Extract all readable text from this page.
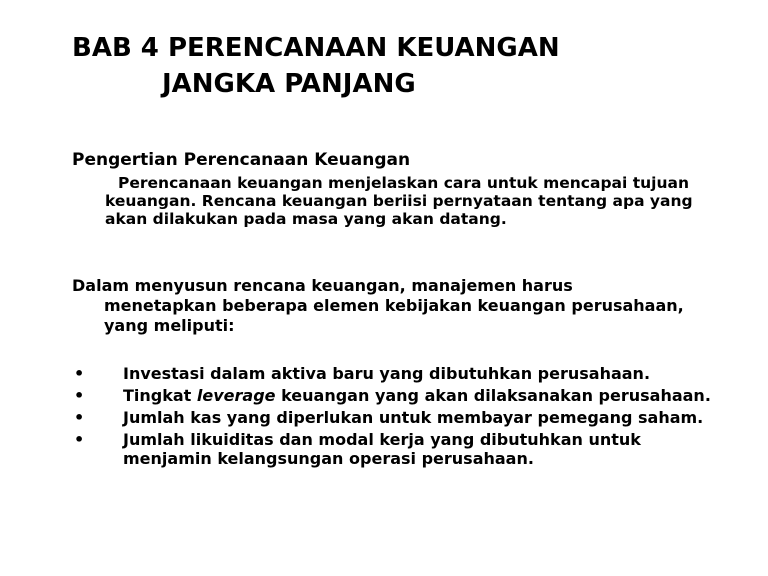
BAB 4 PERENCANAAN KEUANGAN
JANGKA PANJANG
Pengertian Perencanaan Keuangan
Perencanaan keuangan menjelaskan cara untuk mencapai tujuan keuangan. Rencana keuangan beriisi pernyataan tentang apa yang akan dilakukan pada masa yang akan datang.
Dalam menyusun rencana keuangan, manajemen harus
menetapkan beberapa elemen kebijakan keuangan perusahaan, yang meliputi:
• Investasi dalam aktiva baru yang dibutuhkan perusahaan.
• Tingkat leverage keuangan yang akan dilaksanakan perusahaan.
• Jumlah kas yang diperlukan untuk membayar pemegang saham.
• Jumlah likuiditas dan modal kerja yang dibutuhkan untuk menjamin kelangsungan operasi perusahaan.
